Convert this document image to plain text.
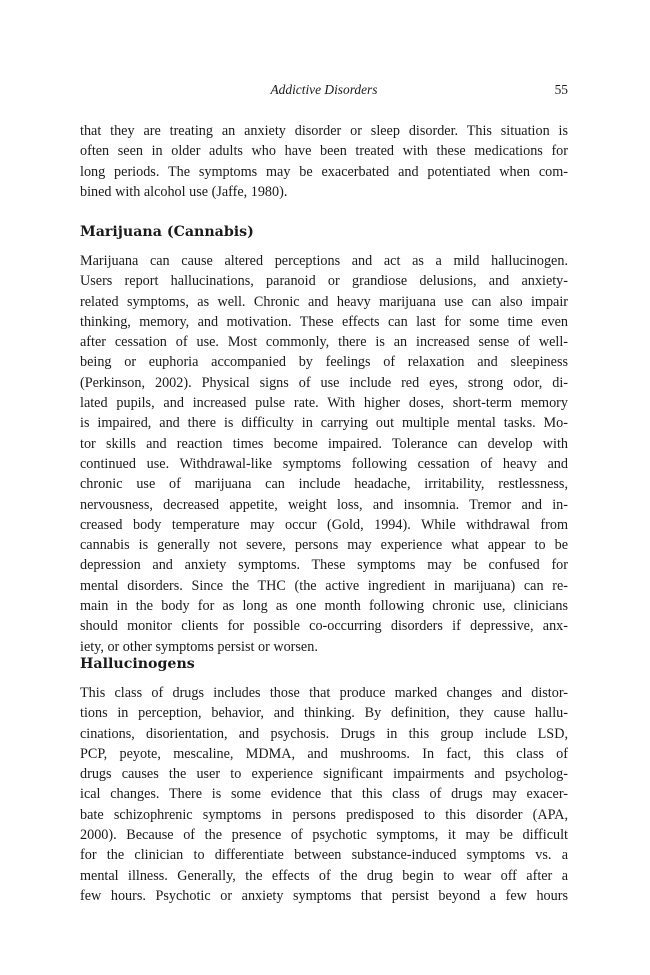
Addictive Disorders	55
that they are treating an anxiety disorder or sleep disorder. This situation is
often seen in older adults who have been treated with these medications for
long periods. The symptoms may be exacerbated and potentiated when com-
bined with alcohol use (Jaffe, 1980).
Marijuana (Cannabis)
Marijuana can cause altered perceptions and act as a mild hallucinogen.
Users report hallucinations, paranoid or grandiose delusions, and anxiety-
related symptoms, as well. Chronic and heavy marijuana use can also impair
thinking, memory, and motivation. These effects can last for some time even
after cessation of use. Most commonly, there is an increased sense of well-
being or euphoria accompanied by feelings of relaxation and sleepiness
(Perkinson, 2002). Physical signs of use include red eyes, strong odor, di-
lated pupils, and increased pulse rate. With higher doses, short-term memory
is impaired, and there is difficulty in carrying out multiple mental tasks. Mo-
tor skills and reaction times become impaired. Tolerance can develop with
continued use. Withdrawal-like symptoms following cessation of heavy and
chronic use of marijuana can include headache, irritability, restlessness,
nervousness, decreased appetite, weight loss, and insomnia. Tremor and in-
creased body temperature may occur (Gold, 1994). While withdrawal from
cannabis is generally not severe, persons may experience what appear to be
depression and anxiety symptoms. These symptoms may be confused for
mental disorders. Since the THC (the active ingredient in marijuana) can re-
main in the body for as long as one month following chronic use, clinicians
should monitor clients for possible co-occurring disorders if depressive, anx-
iety, or other symptoms persist or worsen.
Hallucinogens
This class of drugs includes those that produce marked changes and distor-
tions in perception, behavior, and thinking. By definition, they cause hallu-
cinations, disorientation, and psychosis. Drugs in this group include LSD,
PCP, peyote, mescaline, MDMA, and mushrooms. In fact, this class of
drugs causes the user to experience significant impairments and psycholog-
ical changes. There is some evidence that this class of drugs may exacer-
bate schizophrenic symptoms in persons predisposed to this disorder (APA,
2000). Because of the presence of psychotic symptoms, it may be difficult
for the clinician to differentiate between substance-induced symptoms vs. a
mental illness. Generally, the effects of the drug begin to wear off after a
few hours. Psychotic or anxiety symptoms that persist beyond a few hours
